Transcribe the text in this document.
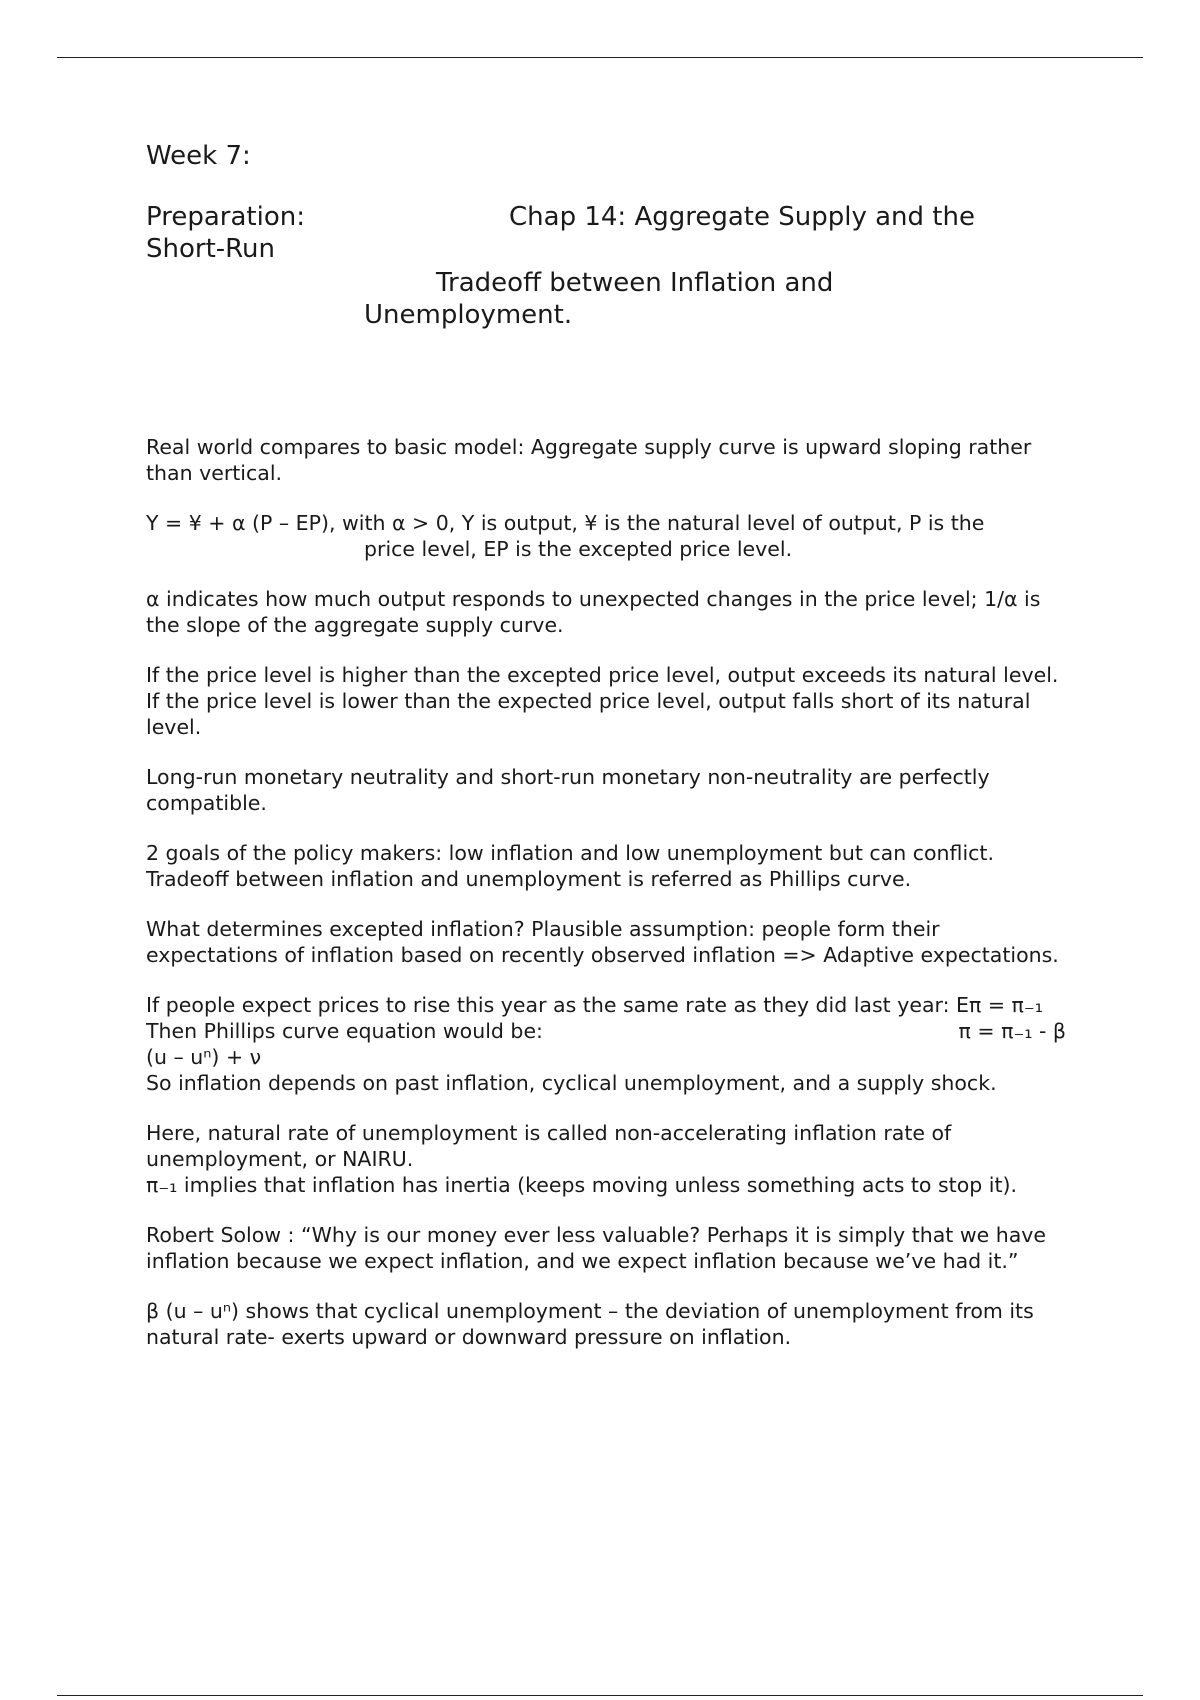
Week 7:

Preparation:	Chap 14: Aggregate Supply and the
Short-Run
Tradeoff between Inflation and
Unemployment.

Real world compares to basic model: Aggregate supply curve is upward sloping rather than vertical.

Y = ¥ + α (P – EP), with α > 0, Y is output, ¥ is the natural level of output, P is the
price level, EP is the excepted price level.

α indicates how much output responds to unexpected changes in the price level; 1/α is the slope of the aggregate supply curve.

If the price level is higher than the excepted price level, output exceeds its natural level. If the price level is lower than the expected price level, output falls short of its natural level.

Long-run monetary neutrality and short-run monetary non-neutrality are perfectly compatible.

2 goals of the policy makers: low inflation and low unemployment but can conflict. Tradeoff between inflation and unemployment is referred as Phillips curve.

What determines excepted inflation? Plausible assumption: people form their expectations of inflation based on recently observed inflation => Adaptive expectations.

If people expect prices to rise this year as the same rate as they did last year: Eπ = π₋₁
π = π₋₁ - β
Then Phillips curve equation would be:
(u – uⁿ) + ν
So inflation depends on past inflation, cyclical unemployment, and a supply shock.
Here, natural rate of unemployment is called non-accelerating inflation rate of unemployment, or NAIRU.
π₋₁ implies that inflation has inertia (keeps moving unless something acts to stop it).

Robert Solow : “Why is our money ever less valuable? Perhaps it is simply that we have inflation because we expect inflation, and we expect inflation because we’ve had it.”

β (u – uⁿ) shows that cyclical unemployment – the deviation of unemployment from its natural rate- exerts upward or downward pressure on inflation.
